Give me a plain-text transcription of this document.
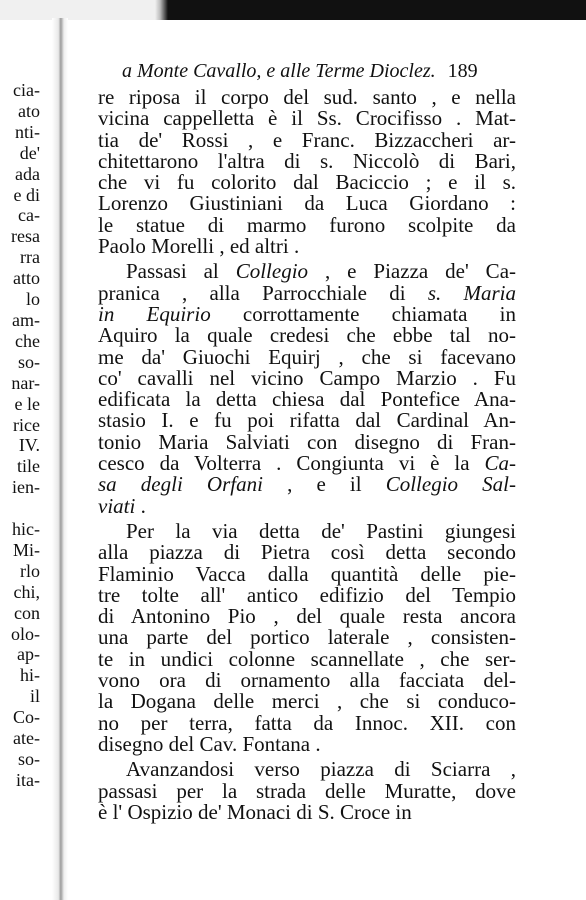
cia-
ato
nti-
de'
ada
e di
ca-
resa
rra
atto
lo
am-
che
so-
nar-
e le
rice
IV.
tile
ien-

hic-
Mi-
rlo
chi,
con
olo-
ap-
hi-
il
Co-
ate-
so-
ita-
a Monte Cavallo, e alle Terme Dioclez. 189
re riposa il corpo del sud. santo , e nella
vicina cappelletta è il Ss. Crocifisso . Mat-
tia de' Rossi , e Franc. Bizzaccheri ar-
chitettarono l'altra di s. Niccolò di Bari,
che vi fu colorito dal Baciccio ; e il s.
Lorenzo Giustiniani da Luca Giordano :
le statue di marmo furono scolpite da
Paolo Morelli , ed altri .
Passasi al Collegio , e Piazza de' Ca-
pranica , alla Parrocchiale di s. Maria
in Equirio corrottamente chiamata in
Aquiro la quale credesi che ebbe tal no-
me da' Giuochi Equirj , che si facevano
co' cavalli nel vicino Campo Marzio . Fu
edificata la detta chiesa dal Pontefice Ana-
stasio I. e fu poi rifatta dal Cardinal An-
tonio Maria Salviati con disegno di Fran-
cesco da Volterra . Congiunta vi è la Ca-
sa degli Orfani , e il Collegio Sal-
viati .
Per la via detta de' Pastini giungesi
alla piazza di Pietra così detta secondo
Flaminio Vacca dalla quantità delle pie-
tre tolte all' antico edifizio del Tempio
di Antonino Pio , del quale resta ancora
una parte del portico laterale , consisten-
te in undici colonne scannellate , che ser-
vono ora di ornamento alla facciata del-
la Dogana delle merci , che si conduco-
no per terra, fatta da Innoc. XII. con
disegno del Cav. Fontana .
Avanzandosi verso piazza di Sciarra ,
passasi per la strada delle Muratte, dove
è l' Ospizio de' Monaci di S. Croce in
